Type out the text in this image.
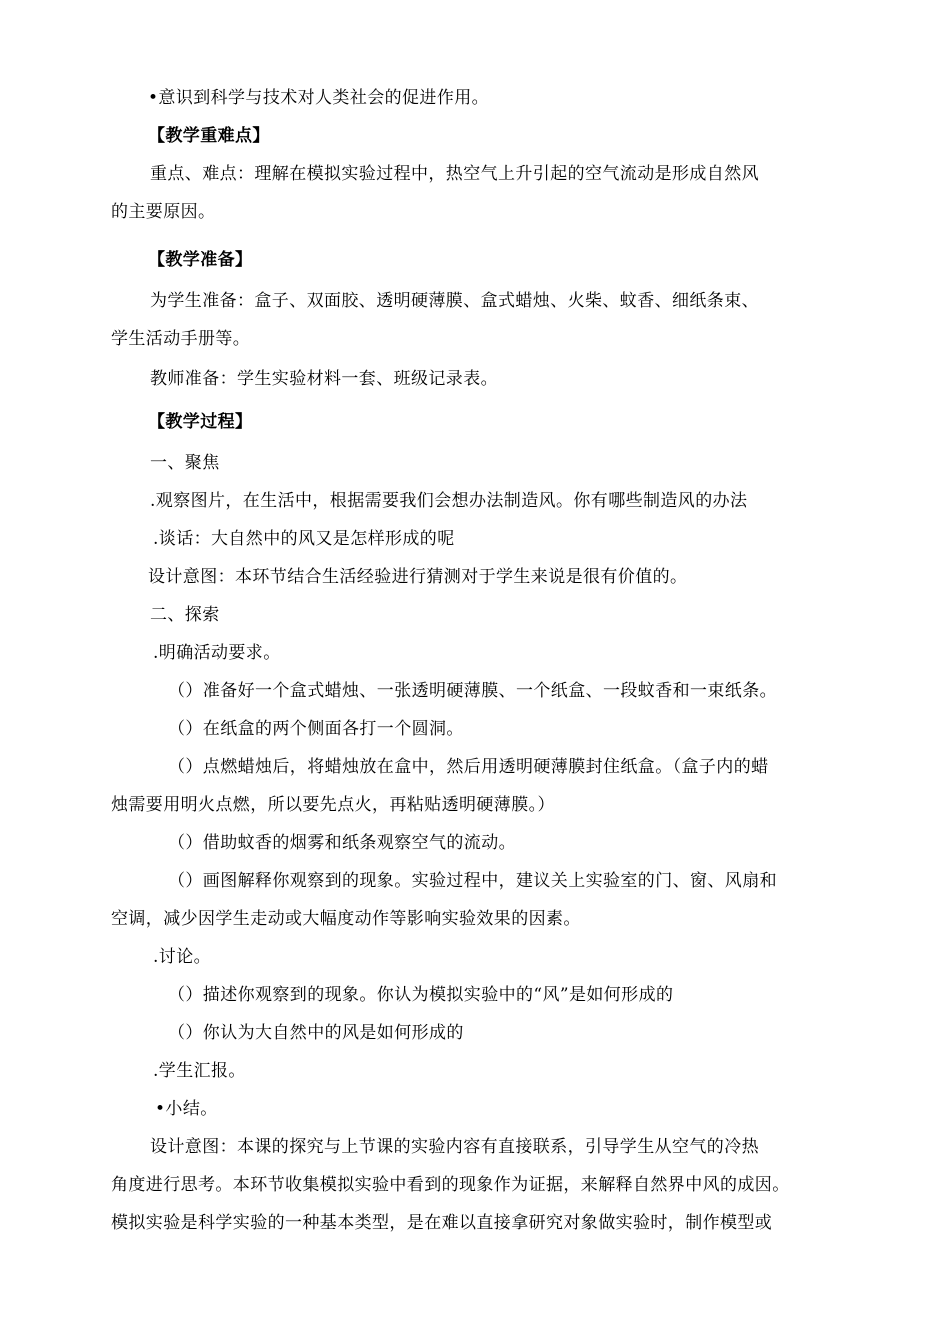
•意识到科学与技术对人类社会的促进作用。
【教学重难点】
重点、难点：理解在模拟实验过程中，热空气上升引起的空气流动是形成自然风
的主要原因。
【教学准备】
为学生准备：盒子、双面胶、透明硬薄膜、盒式蜡烛、火柴、蚊香、细纸条束、
学生活动手册等。
教师准备：学生实验材料一套、班级记录表。
【教学过程】
一、聚焦
.观察图片，在生活中，根据需要我们会想办法制造风。你有哪些制造风的办法
.谈话：大自然中的风又是怎样形成的呢
设计意图：本环节结合生活经验进行猜测对于学生来说是很有价值的。
二、探索
.明确活动要求。
（）准备好一个盒式蜡烛、一张透明硬薄膜、一个纸盒、一段蚊香和一束纸条。
（）在纸盒的两个侧面各打一个圆洞。
（）点燃蜡烛后，将蜡烛放在盒中，然后用透明硬薄膜封住纸盒。（盒子内的蜡
烛需要用明火点燃，所以要先点火，再粘贴透明硬薄膜。）
（）借助蚊香的烟雾和纸条观察空气的流动。
（）画图解释你观察到的现象。实验过程中，建议关上实验室的门、窗、风扇和
空调，减少因学生走动或大幅度动作等影响实验效果的因素。
.讨论。
（）描述你观察到的现象。你认为模拟实验中的“风”是如何形成的
（）你认为大自然中的风是如何形成的
.学生汇报。
•小结。
设计意图：本课的探究与上节课的实验内容有直接联系，引导学生从空气的冷热
角度进行思考。本环节收集模拟实验中看到的现象作为证据，来解释自然界中风的成因。
模拟实验是科学实验的一种基本类型，是在难以直接拿研究对象做实验时，制作模型或
